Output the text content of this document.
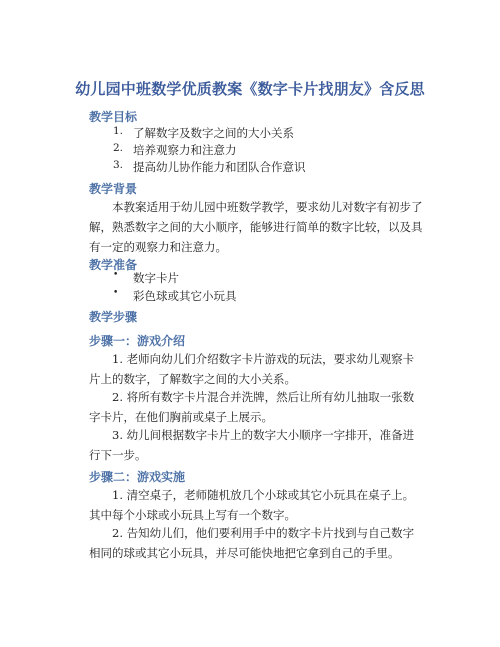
幼儿园中班数学优质教案《数字卡片找朋友》含反思
教学目标
1. 了解数字及数字之间的大小关系
2. 培养观察力和注意力
3. 提高幼儿协作能力和团队合作意识
教学背景

本教案适用于幼儿园中班数学教学，要求幼儿对数字有初步了解，熟悉数字之间的大小顺序，能够进行简单的数字比较，以及具有一定的观察力和注意力。

教学准备
• 数字卡片
• 彩色球或其它小玩具
教学步骤
步骤一：游戏介绍

1. 老师向幼儿们介绍数字卡片游戏的玩法，要求幼儿观察卡片上的数字，了解数字之间的大小关系。

2. 将所有数字卡片混合并洗牌，然后让所有幼儿抽取一张数字卡片，在他们胸前或桌子上展示。

3. 幼儿间根据数字卡片上的数字大小顺序一字排开，准备进行下一步。

步骤二：游戏实施

1. 清空桌子，老师随机放几个小球或其它小玩具在桌子上。其中每个小球或小玩具上写有一个数字。

2. 告知幼儿们，他们要利用手中的数字卡片找到与自己数字相同的球或其它小玩具，并尽可能快地把它拿到自己的手里。
